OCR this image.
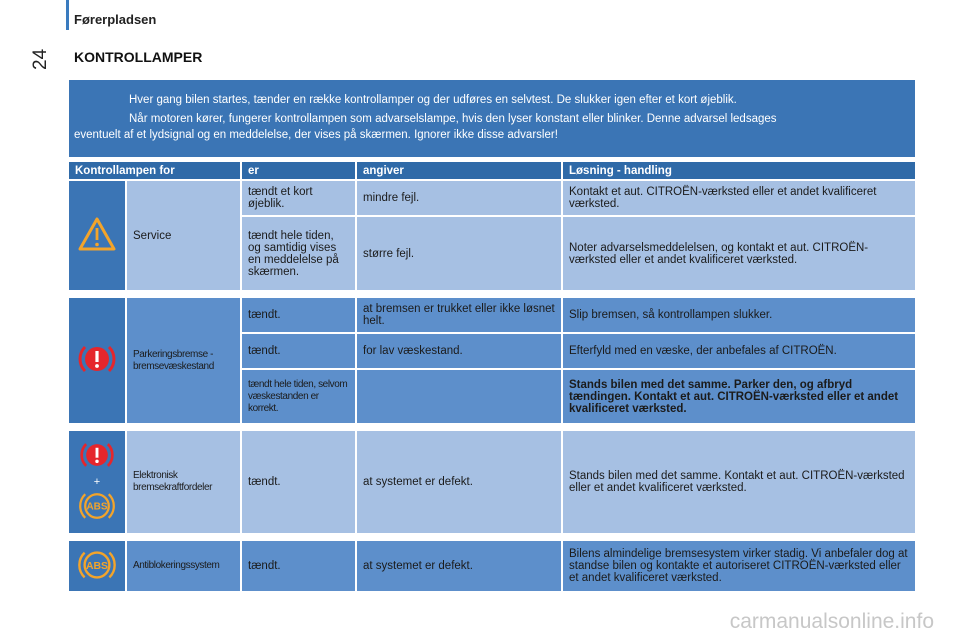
Førerpladsen
24 KONTROLLAMPER

Hver gang bilen startes, tænder en række kontrollamper og der udføres en selvtest. De slukker igen efter et kort øjeblik.

Når motoren kører, fungerer kontrollampen som advarselslampe, hvis den lyser konstant eller blinker. Denne advarsel ledsages
eventuelt af et lydsignal og en meddelelse, der vises på skærmen. Ignorer ikke disse advarsler!

Kontrollampen for		er	angiver	Løsning - handling
	Service	tændt et kort øjeblik.	mindre fejl.	Kontakt et aut. CITROËN-værksted eller et andet kvalificeret værksted.
		tændt hele tiden, og samtidig vises en meddelelse på skærmen.	større fejl.	Noter advarselsmeddelelsen, og kontakt et aut. CITROËN-værksted eller et andet kvalificeret værksted.

	Parkeringsbremse - bremsevæskestand	tændt.	at bremsen er trukket eller ikke løsnet helt.	Slip bremsen, så kontrollampen slukker.
		tændt.	for lav væskestand.	Efterfyld med en væske, der anbefales af CITROËN.
		tændt hele tiden, selvom væskestanden er korrekt.		Stands bilen med det samme. Parker den, og afbryd tændingen. Kontakt et aut. CITROËN-værksted eller et andet kvalificeret værksted.

+
ABS	Elektronisk bremsekraftfordeler	tændt.	at systemet er defekt.	Stands bilen med det samme. Kontakt et aut. CITROËN-værksted eller et andet kvalificeret værksted.

ABS	Antiblokeringssystem	tændt.	at systemet er defekt.	Bilens almindelige bremsesystem virker stadig. Vi anbefaler dog at standse bilen og kontakte et autoriseret CITROËN-værksted eller et andet kvalificeret værksted.
carmanualsonline.info
